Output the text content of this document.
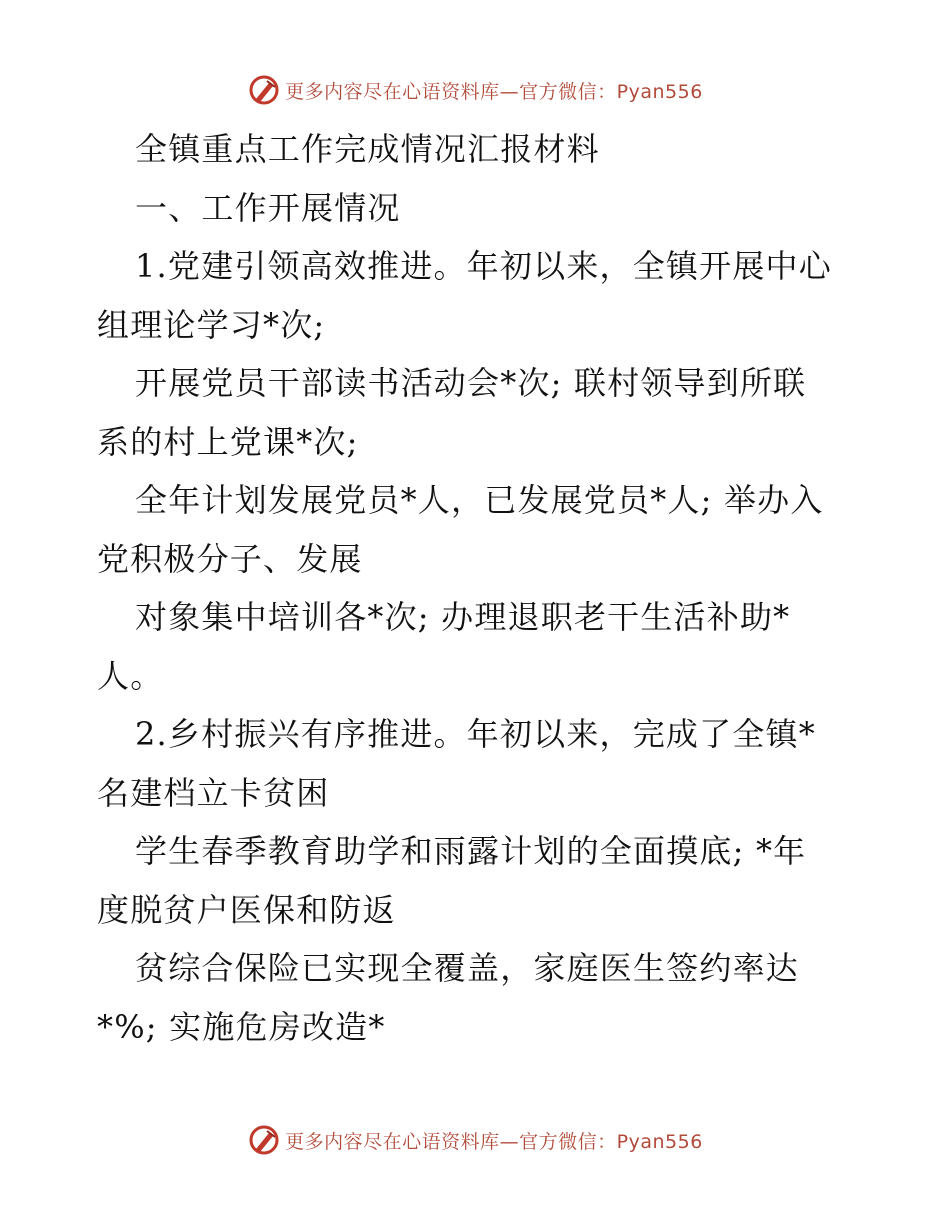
更多内容尽在心语资料库—官方微信：Pyan556
全镇重点工作完成情况汇报材料
一、工作开展情况
1.党建引领高效推进。年初以来，全镇开展中心
组理论学习*次;
开展党员干部读书活动会*次; 联村领导到所联
系的村上党课*次;
全年计划发展党员*人，已发展党员*人; 举办入
党积极分子、发展
对象集中培训各*次; 办理退职老干生活补助*
人。
2.乡村振兴有序推进。年初以来，完成了全镇*
名建档立卡贫困
学生春季教育助学和雨露计划的全面摸底; *年
度脱贫户医保和防返
贫综合保险已实现全覆盖，家庭医生签约率达
*%; 实施危房改造*
更多内容尽在心语资料库—官方微信：Pyan556
